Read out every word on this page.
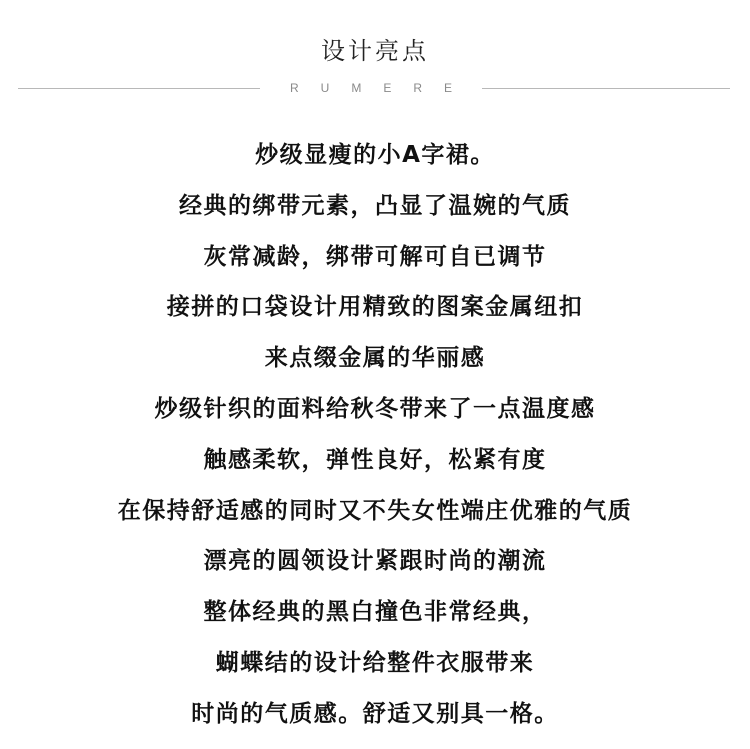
设计亮点
RUMERE
炒级显瘦的小A字裙。
经典的绑带元素，凸显了温婉的气质
灰常减龄，绑带可解可自已调节
接拼的口袋设计用精致的图案金属纽扣
来点缀金属的华丽感
炒级针织的面料给秋冬带来了一点温度感
触感柔软，弹性良好，松紧有度
在保持舒适感的同时又不失女性端庄优雅的气质
漂亮的圆领设计紧跟时尚的潮流
整体经典的黑白撞色非常经典，
蝴蝶结的设计给整件衣服带来
时尚的气质感。舒适又别具一格。
